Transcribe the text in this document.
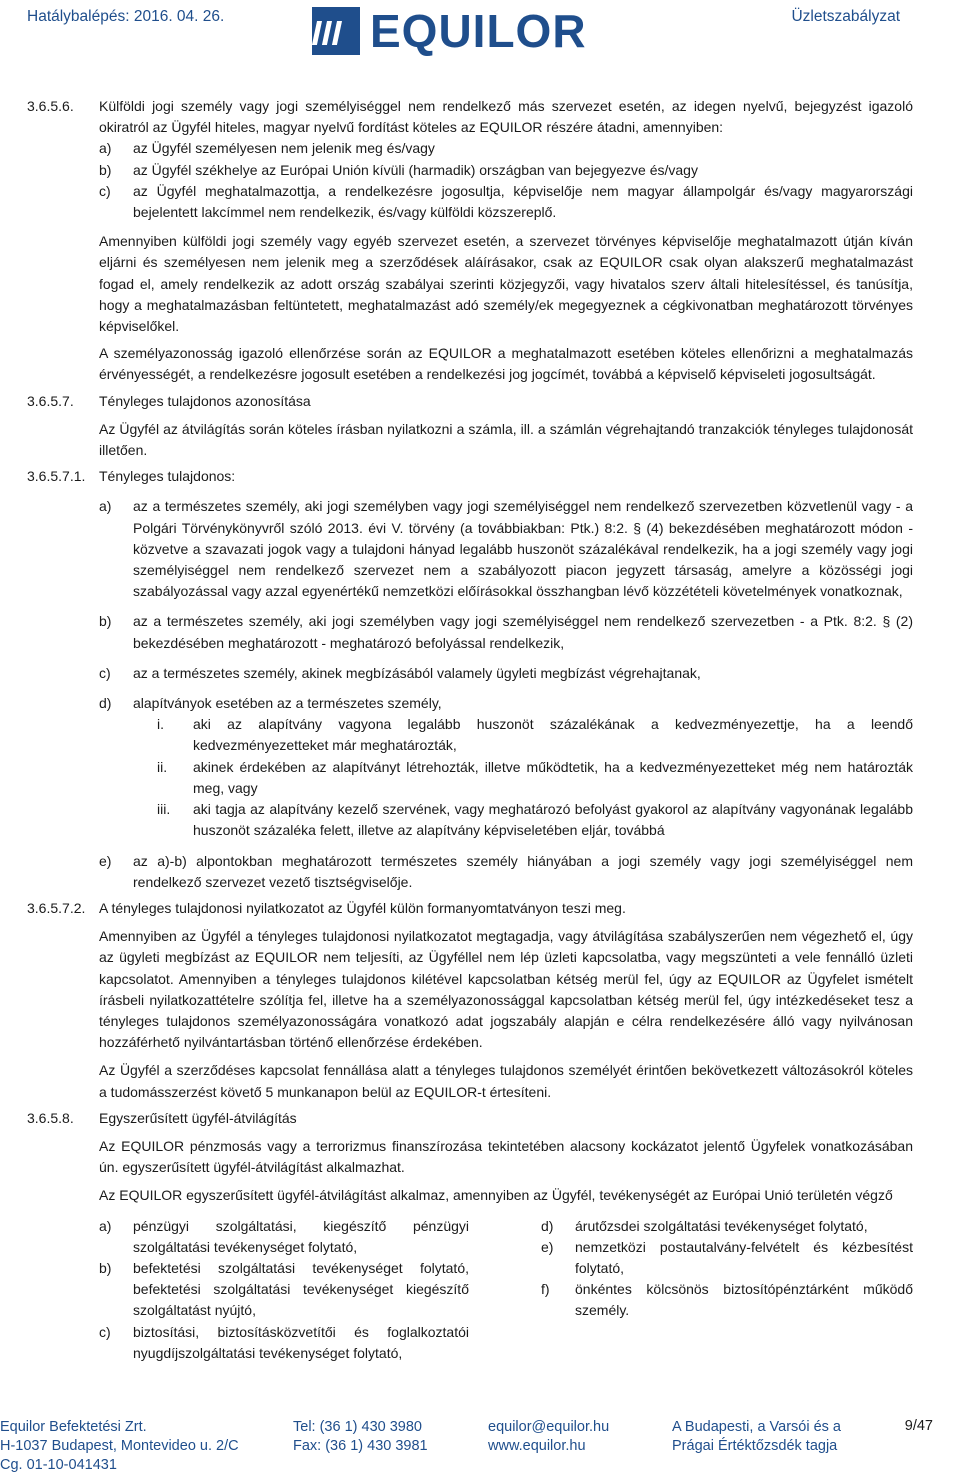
Hatálybalépés: 2016. 04. 26.	EQUILOR	Üzletszabályzat
3.6.5.6. Külföldi jogi személy vagy jogi személyiséggel nem rendelkező más szervezet esetén, az idegen nyelvű, bejegyzést igazoló okiratról az Ügyfél hiteles, magyar nyelvű fordítást köteles az EQUILOR részére átadni, amennyiben:
a) az Ügyfél személyesen nem jelenik meg és/vagy
b) az Ügyfél székhelye az Európai Unión kívüli (harmadik) országban van bejegyezve és/vagy
c) az Ügyfél meghatalmazottja, a rendelkezésre jogosultja, képviselője nem magyar állampolgár és/vagy magyarországi bejelentett lakcímmel nem rendelkezik, és/vagy külföldi közszereplő.
Amennyiben külföldi jogi személy vagy egyéb szervezet esetén, a szervezet törvényes képviselője meghatalmazott útján kíván eljárni és személyesen nem jelenik meg a szerződések aláírásakor, csak az EQUILOR csak olyan alakszerű meghatalmazást fogad el, amely rendelkezik az adott ország szabályai szerinti közjegyzői, vagy hivatalos szerv általi hitelesítéssel, és tanúsítja, hogy a meghatalmazásban feltüntetett, meghatalmazást adó személy/ek megegyeznek a cégkivonatban meghatározott törvényes képviselőkel.
A személyazonosság igazoló ellenőrzése során az EQUILOR a meghatalmazott esetében köteles ellenőrizni a meghatalmazás érvényességét, a rendelkezésre jogosult esetében a rendelkezési jog jogcímét, továbbá a képviselő képviseleti jogosultságát.
3.6.5.7. Tényleges tulajdonos azonosítása
Az Ügyfél az átvilágítás során köteles írásban nyilatkozni a számla, ill. a számlán végrehajtandó tranzakciók tényleges tulajdonosát illetően.
3.6.5.7.1. Tényleges tulajdonos:
a) az a természetes személy, aki jogi személyben vagy jogi személyiséggel nem rendelkező szervezetben közvetlenül vagy - a Polgári Törvénykönyvről szóló 2013. évi V. törvény (a továbbiakban: Ptk.) 8:2. § (4) bekezdésében meghatározott módon - közvetve a szavazati jogok vagy a tulajdoni hányad legalább huszonöt százalékával rendelkezik, ha a jogi személy vagy jogi személyiséggel nem rendelkező szervezet nem a szabályozott piacon jegyzett társaság, amelyre a közösségi jogi szabályozással vagy azzal egyenértékű nemzetközi előírásokkal összhangban lévő közzétételi követelmények vonatkoznak,
b) az a természetes személy, aki jogi személyben vagy jogi személyiséggel nem rendelkező szervezetben - a Ptk. 8:2. § (2) bekezdésében meghatározott - meghatározó befolyással rendelkezik,
c) az a természetes személy, akinek megbízásából valamely ügyleti megbízást végrehajtanak,
d) alapítványok esetében az a természetes személy,
i. aki az alapítvány vagyona legalább huszonöt százalékának a kedvezményezettje, ha a leendő kedvezményezetteket már meghatározták,
ii. akinek érdekében az alapítványt létrehozták, illetve működtetik, ha a kedvezményezetteket még nem határozták meg, vagy
iii. aki tagja az alapítvány kezelő szervének, vagy meghatározó befolyást gyakorol az alapítvány vagyonának legalább huszonöt százaléka felett, illetve az alapítvány képviseletében eljár, továbbá
e) az a)-b) alpontokban meghatározott természetes személy hiányában a jogi személy vagy jogi személyiséggel nem rendelkező szervezet vezető tisztségviselője.
3.6.5.7.2. A tényleges tulajdonosi nyilatkozatot az Ügyfél külön formanyomtatványon teszi meg.
Amennyiben az Ügyfél a tényleges tulajdonosi nyilatkozatot megtagadja, vagy átvilágítása szabályszerűen nem végezhető el, úgy az ügyleti megbízást az EQUILOR nem teljesíti, az Ügyféllel nem lép üzleti kapcsolatba, vagy megszünteti a vele fennálló üzleti kapcsolatot. Amennyiben a tényleges tulajdonos kilétével kapcsolatban kétség merül fel, úgy az EQUILOR az Ügyfelet ismételt írásbeli nyilatkozattételre szólítja fel, illetve ha a személyazonossággal kapcsolatban kétség merül fel, úgy intézkedéseket tesz a tényleges tulajdonos személyazonosságára vonatkozó adat jogszabály alapján e célra rendelkezésére álló vagy nyilvánosan hozzáférhető nyilvántartásban történő ellenőrzése érdekében.
Az Ügyfél a szerződéses kapcsolat fennállása alatt a tényleges tulajdonos személyét érintően bekövetkezett változásokról köteles a tudomásszerzést követő 5 munkanapon belül az EQUILOR-t értesíteni.
3.6.5.8. Egyszerűsített ügyfél-átvilágítás
Az EQUILOR pénzmosás vagy a terrorizmus finanszírozása tekintetében alacsony kockázatot jelentő Ügyfelek vonatkozásában ún. egyszerűsített ügyfél-átvilágítást alkalmazhat.
Az EQUILOR egyszerűsített ügyfél-átvilágítást alkalmaz, amennyiben az Ügyfél, tevékenységét az Európai Unió területén végző
a) pénzügyi szolgáltatási, kiegészítő pénzügyi szolgáltatási tevékenységet folytató,
b) befektetési szolgáltatási tevékenységet folytató, befektetési szolgáltatási tevékenységet kiegészítő szolgáltatást nyújtó,
c) biztosítási, biztosításközvetítői és foglalkoztatói nyugdíjszolgáltatási tevékenységet folytató,
d) árutőzsdei szolgáltatási tevékenységet folytató,
e) nemzetközi postautalvány-felvételt és kézbesítést folytató,
f) önkéntes kölcsönös biztosítópénztárként működő személy.
Equilor Befektetési Zrt.
H-1037 Budapest, Montevideo u. 2/C
Cg. 01-10-041431
Tel: (36 1) 430 3980
Fax: (36 1) 430 3981
equilor@equilor.hu
www.equilor.hu
A Budapesti, a Varsói és a
Prágai Értéktőzsdék tagja
9/47
